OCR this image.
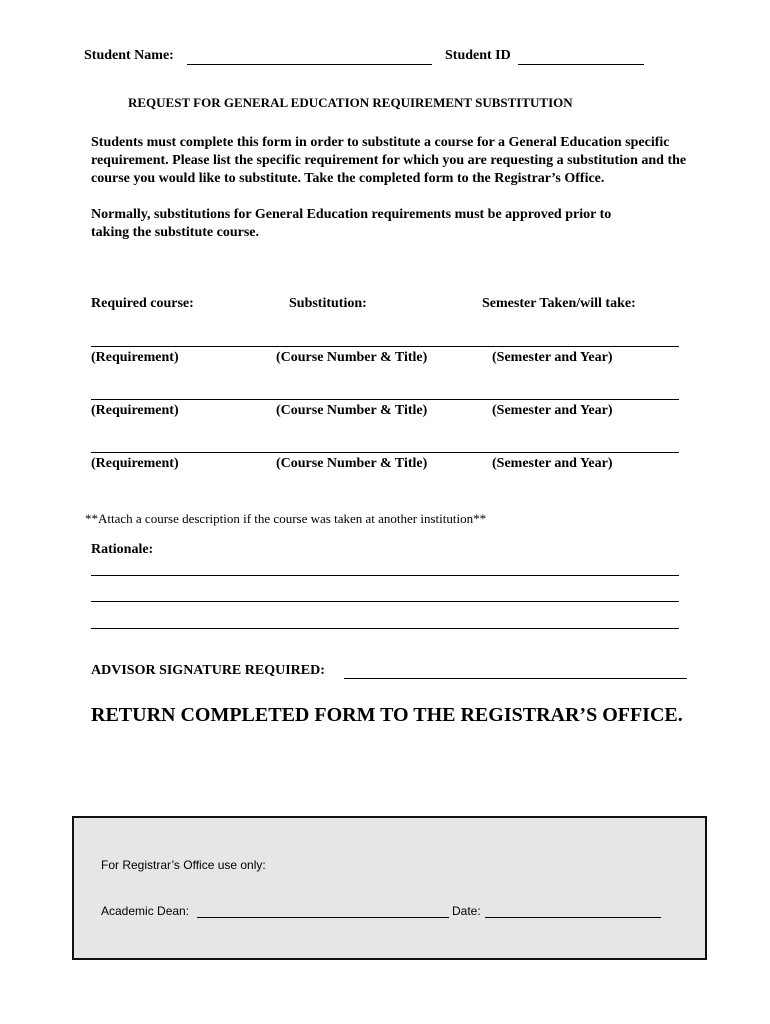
Student Name:	Student ID
REQUEST FOR GENERAL EDUCATION REQUIREMENT SUBSTITUTION
Students must complete this form in order to substitute a course for a General Education specific
requirement. Please list the specific requirement for which you are requesting a substitution and the
course you would like to substitute. Take the completed form to the Registrar’s Office.
Normally, substitutions for General Education requirements must be approved prior to
taking the substitute course.
Required course:	Substitution:	Semester Taken/will take:
(Requirement)	(Course Number & Title)	(Semester and Year)
(Requirement)	(Course Number & Title)	(Semester and Year)
(Requirement)	(Course Number & Title)	(Semester and Year)
**Attach a course description if the course was taken at another institution**
Rationale:
ADVISOR SIGNATURE REQUIRED:
RETURN COMPLETED FORM TO THE REGISTRAR’S OFFICE.
For Registrar’s Office use only:
Academic Dean:	Date:
